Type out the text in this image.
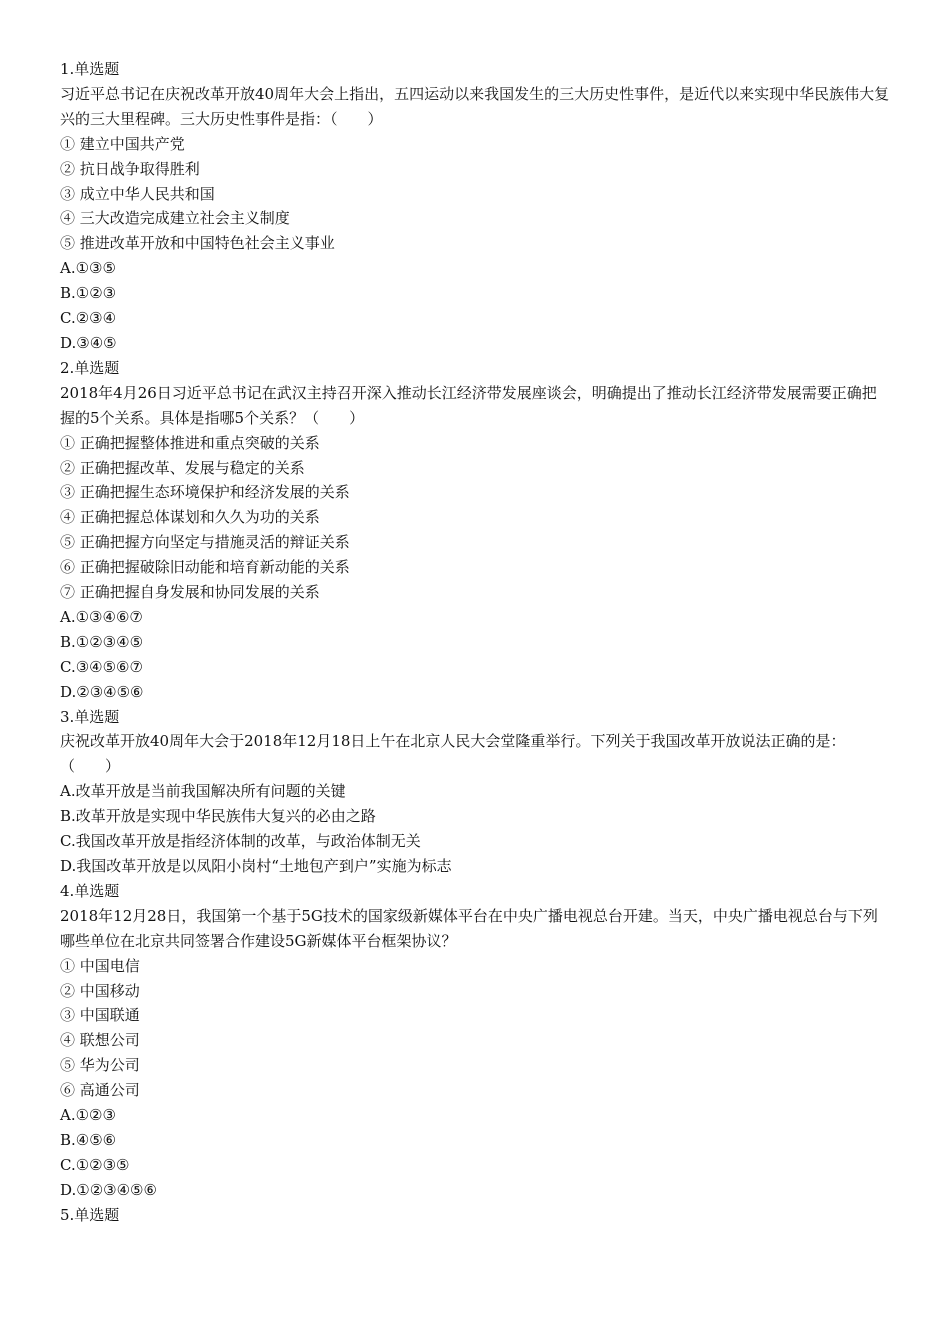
1.单选题

习近平总书记在庆祝改革开放40周年大会上指出，五四运动以来我国发生的三大历史性事件，是近代以来实现中华民族伟大复兴的三大里程碑。三大历史性事件是指：（　　）

① 建立中国共产党

② 抗日战争取得胜利

③ 成立中华人民共和国

④ 三大改造完成建立社会主义制度

⑤ 推进改革开放和中国特色社会主义事业

A.①③⑤

B.①②③

C.②③④

D.③④⑤

2.单选题

2018年4月26日习近平总书记在武汉主持召开深入推动长江经济带发展座谈会，明确提出了推动长江经济带发展需要正确把握的5个关系。具体是指哪5个关系？（　　）

① 正确把握整体推进和重点突破的关系

② 正确把握改革、发展与稳定的关系

③ 正确把握生态环境保护和经济发展的关系

④ 正确把握总体谋划和久久为功的关系

⑤ 正确把握方向坚定与措施灵活的辩证关系

⑥ 正确把握破除旧动能和培育新动能的关系

⑦ 正确把握自身发展和协同发展的关系

A.①③④⑥⑦

B.①②③④⑤

C.③④⑤⑥⑦

D.②③④⑤⑥

3.单选题

庆祝改革开放40周年大会于2018年12月18日上午在北京人民大会堂隆重举行。下列关于我国改革开放说法正确的是：（　　）

A.改革开放是当前我国解决所有问题的关键

B.改革开放是实现中华民族伟大复兴的必由之路

C.我国改革开放是指经济体制的改革，与政治体制无关

D.我国改革开放是以凤阳小岗村“土地包产到户”实施为标志

4.单选题

2018年12月28日，我国第一个基于5G技术的国家级新媒体平台在中央广播电视总台开建。当天，中央广播电视总台与下列哪些单位在北京共同签署合作建设5G新媒体平台框架协议？

① 中国电信

② 中国移动

③ 中国联通

④ 联想公司

⑤ 华为公司

⑥ 高通公司

A.①②③

B.④⑤⑥

C.①②③⑤

D.①②③④⑤⑥

5.单选题
